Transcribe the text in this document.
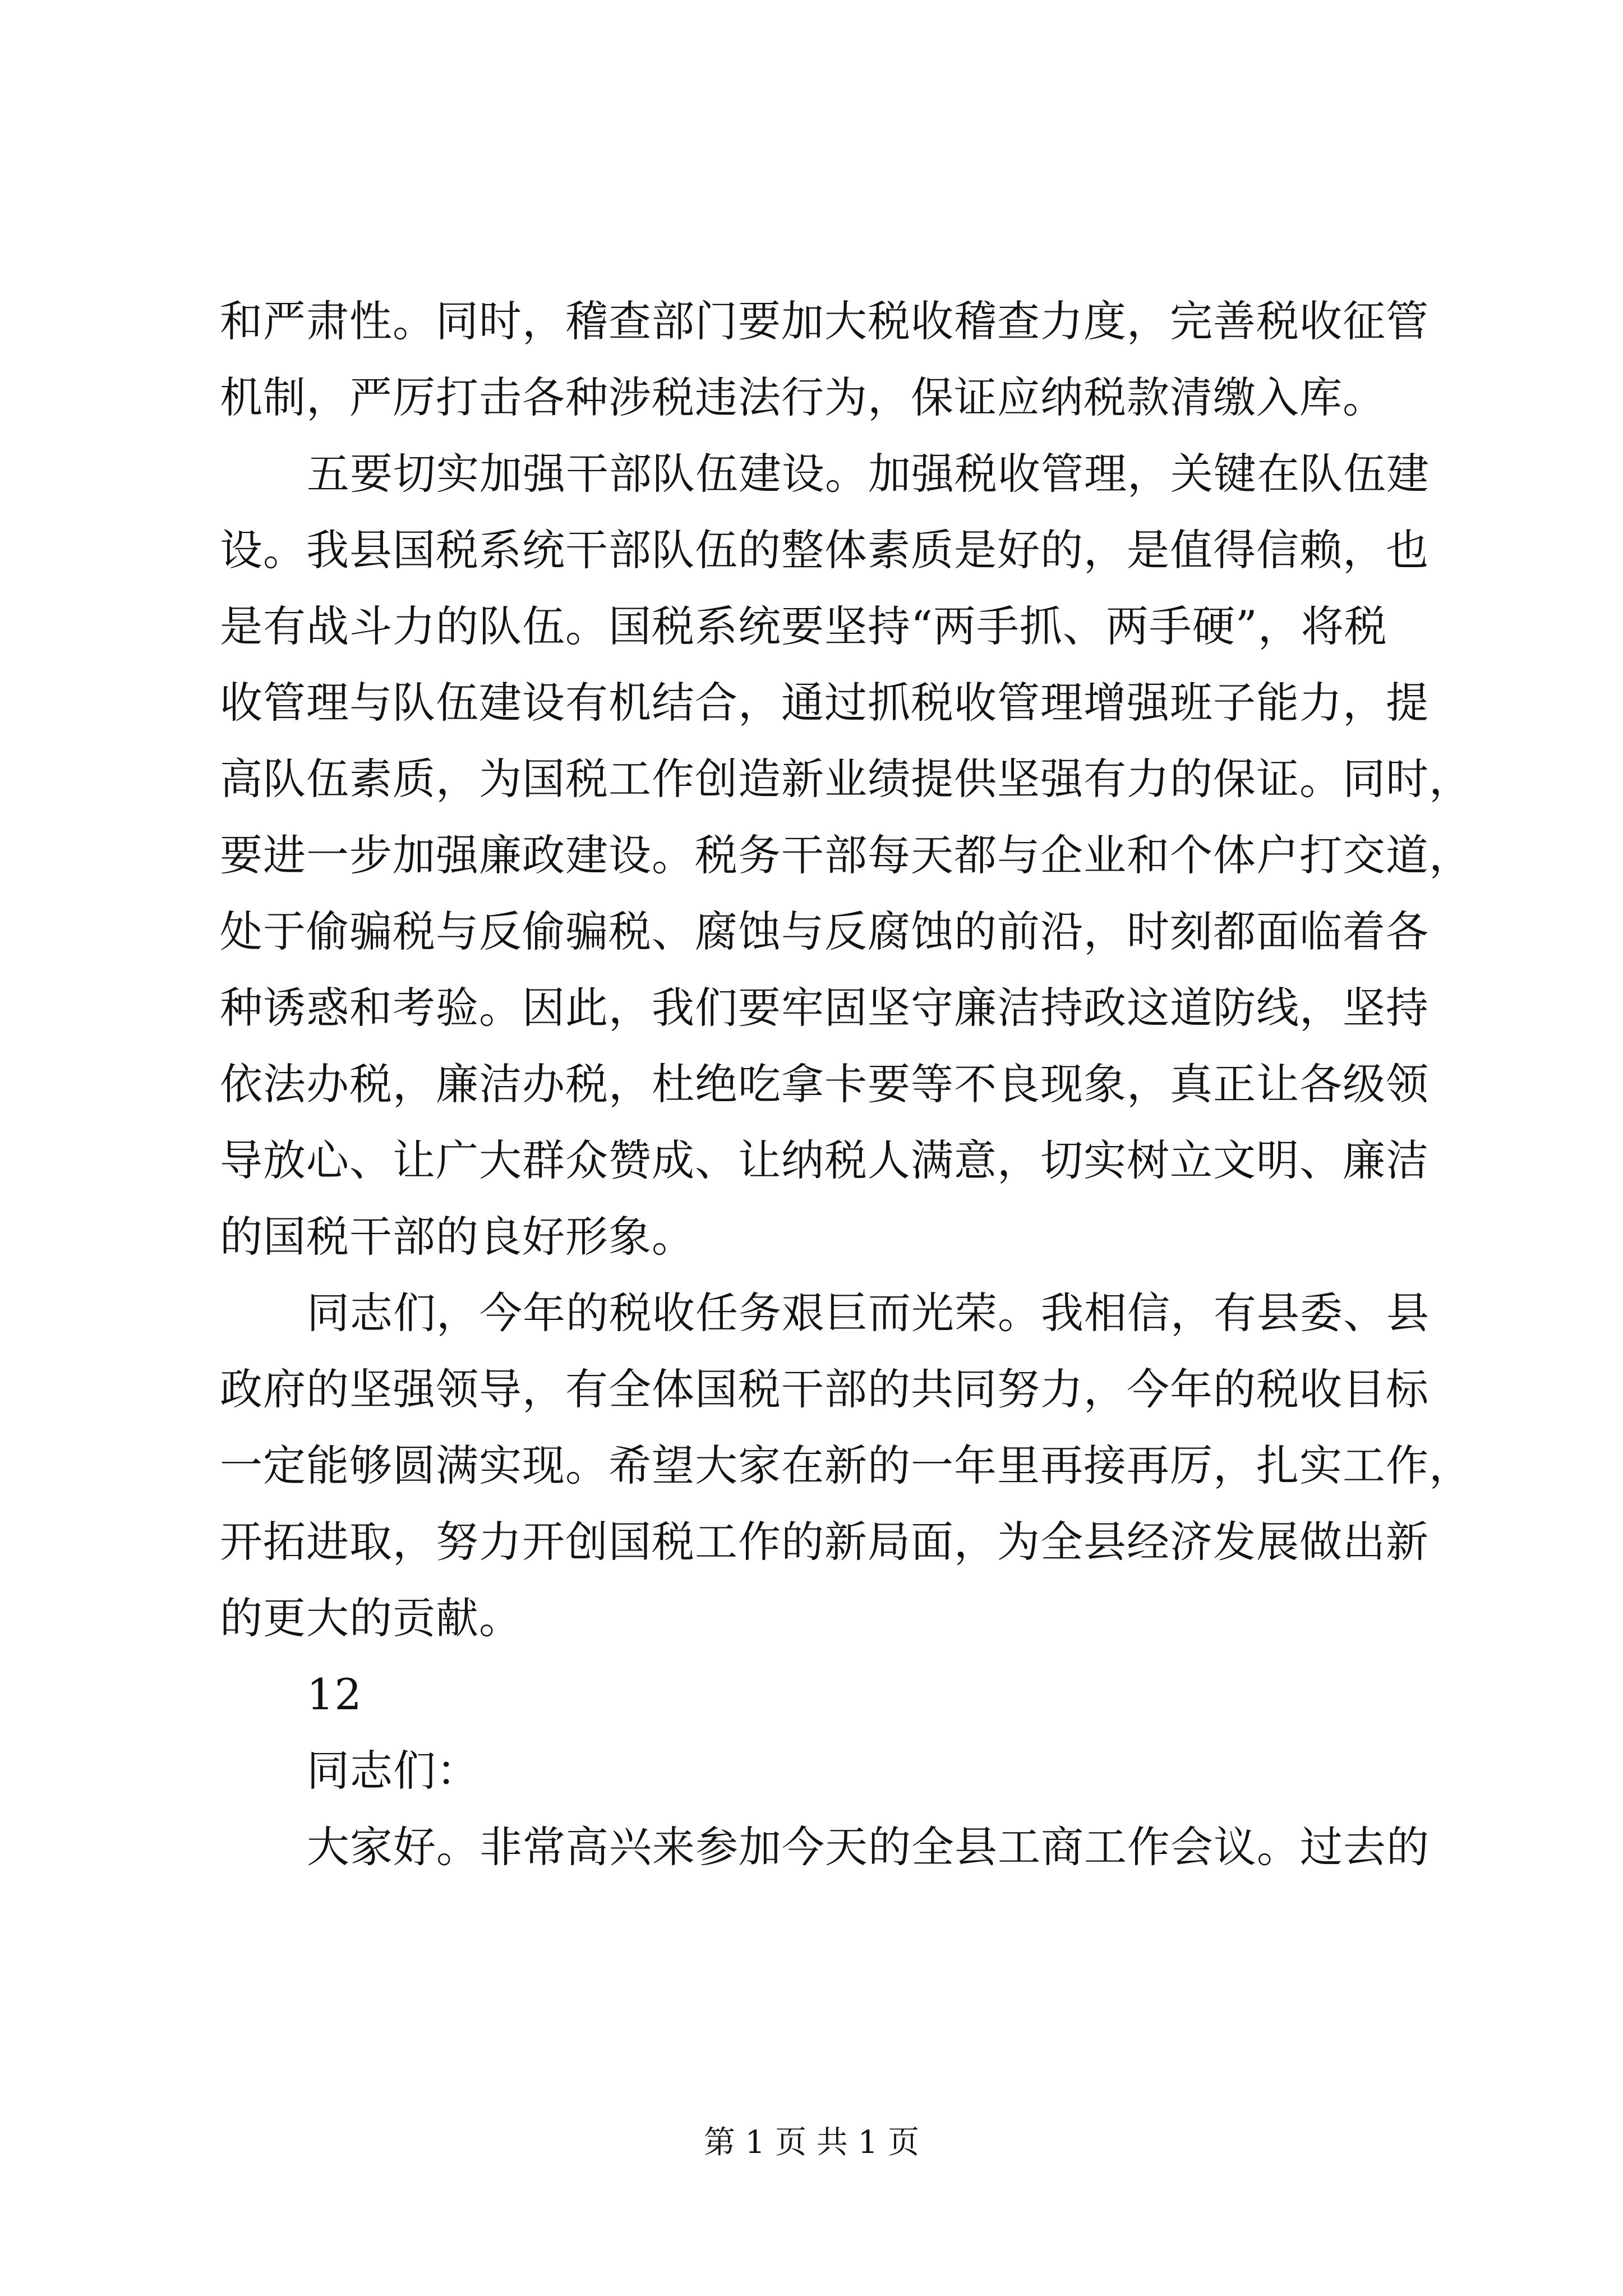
和严肃性。同时，稽查部门要加大税收稽查力度，完善税收征管
机制，严厉打击各种涉税违法行为，保证应纳税款清缴入库。
五要切实加强干部队伍建设。加强税收管理，关键在队伍建
设。我县国税系统干部队伍的整体素质是好的，是值得信赖，也
是有战斗力的队伍。国税系统要坚持“两手抓、两手硬”，将税
收管理与队伍建设有机结合，通过抓税收管理增强班子能力，提
高队伍素质，为国税工作创造新业绩提供坚强有力的保证。同时，
要进一步加强廉政建设。税务干部每天都与企业和个体户打交道，
处于偷骗税与反偷骗税、腐蚀与反腐蚀的前沿，时刻都面临着各
种诱惑和考验。因此，我们要牢固坚守廉洁持政这道防线，坚持
依法办税，廉洁办税，杜绝吃拿卡要等不良现象，真正让各级领
导放心、让广大群众赞成、让纳税人满意，切实树立文明、廉洁
的国税干部的良好形象。
同志们，今年的税收任务艰巨而光荣。我相信，有县委、县
政府的坚强领导，有全体国税干部的共同努力，今年的税收目标
一定能够圆满实现。希望大家在新的一年里再接再厉，扎实工作，
开拓进取，努力开创国税工作的新局面，为全县经济发展做出新
的更大的贡献。
12
同志们：
大家好。非常高兴来参加今天的全县工商工作会议。过去的
第 1 页 共 1 页
